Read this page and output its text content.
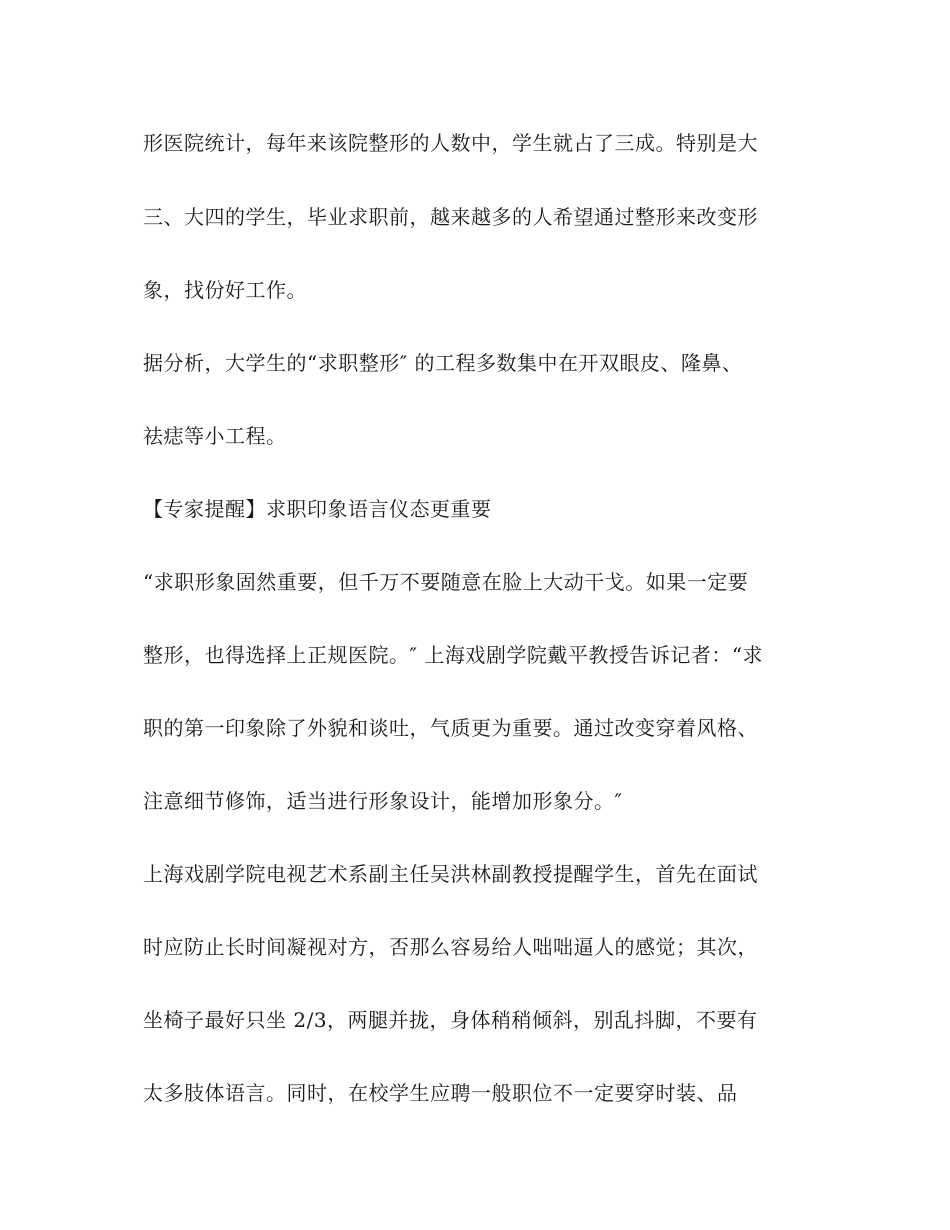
形医院统计，每年来该院整形的人数中，学生就占了三成。特别是大
三、大四的学生，毕业求职前，越来越多的人希望通过整形来改变形
象，找份好工作。
据分析，大学生的“求职整形″ 的工程多数集中在开双眼皮、隆鼻、
祛痣等小工程。
【专家提醒】求职印象语言仪态更重要
“求职形象固然重要，但千万不要随意在脸上大动干戈。如果一定要
整形，也得选择上正规医院。″ 上海戏剧学院戴平教授告诉记者：“求
职的第一印象除了外貌和谈吐，气质更为重要。通过改变穿着风格、
注意细节修饰，适当进行形象设计，能增加形象分。″
上海戏剧学院电视艺术系副主任吴洪林副教授提醒学生，首先在面试
时应防止长时间凝视对方，否那么容易给人咄咄逼人的感觉；其次，
坐椅子最好只坐 2/3，两腿并拢，身体稍稍倾斜，别乱抖脚，不要有
太多肢体语言。同时，在校学生应聘一般职位不一定要穿时装、品
